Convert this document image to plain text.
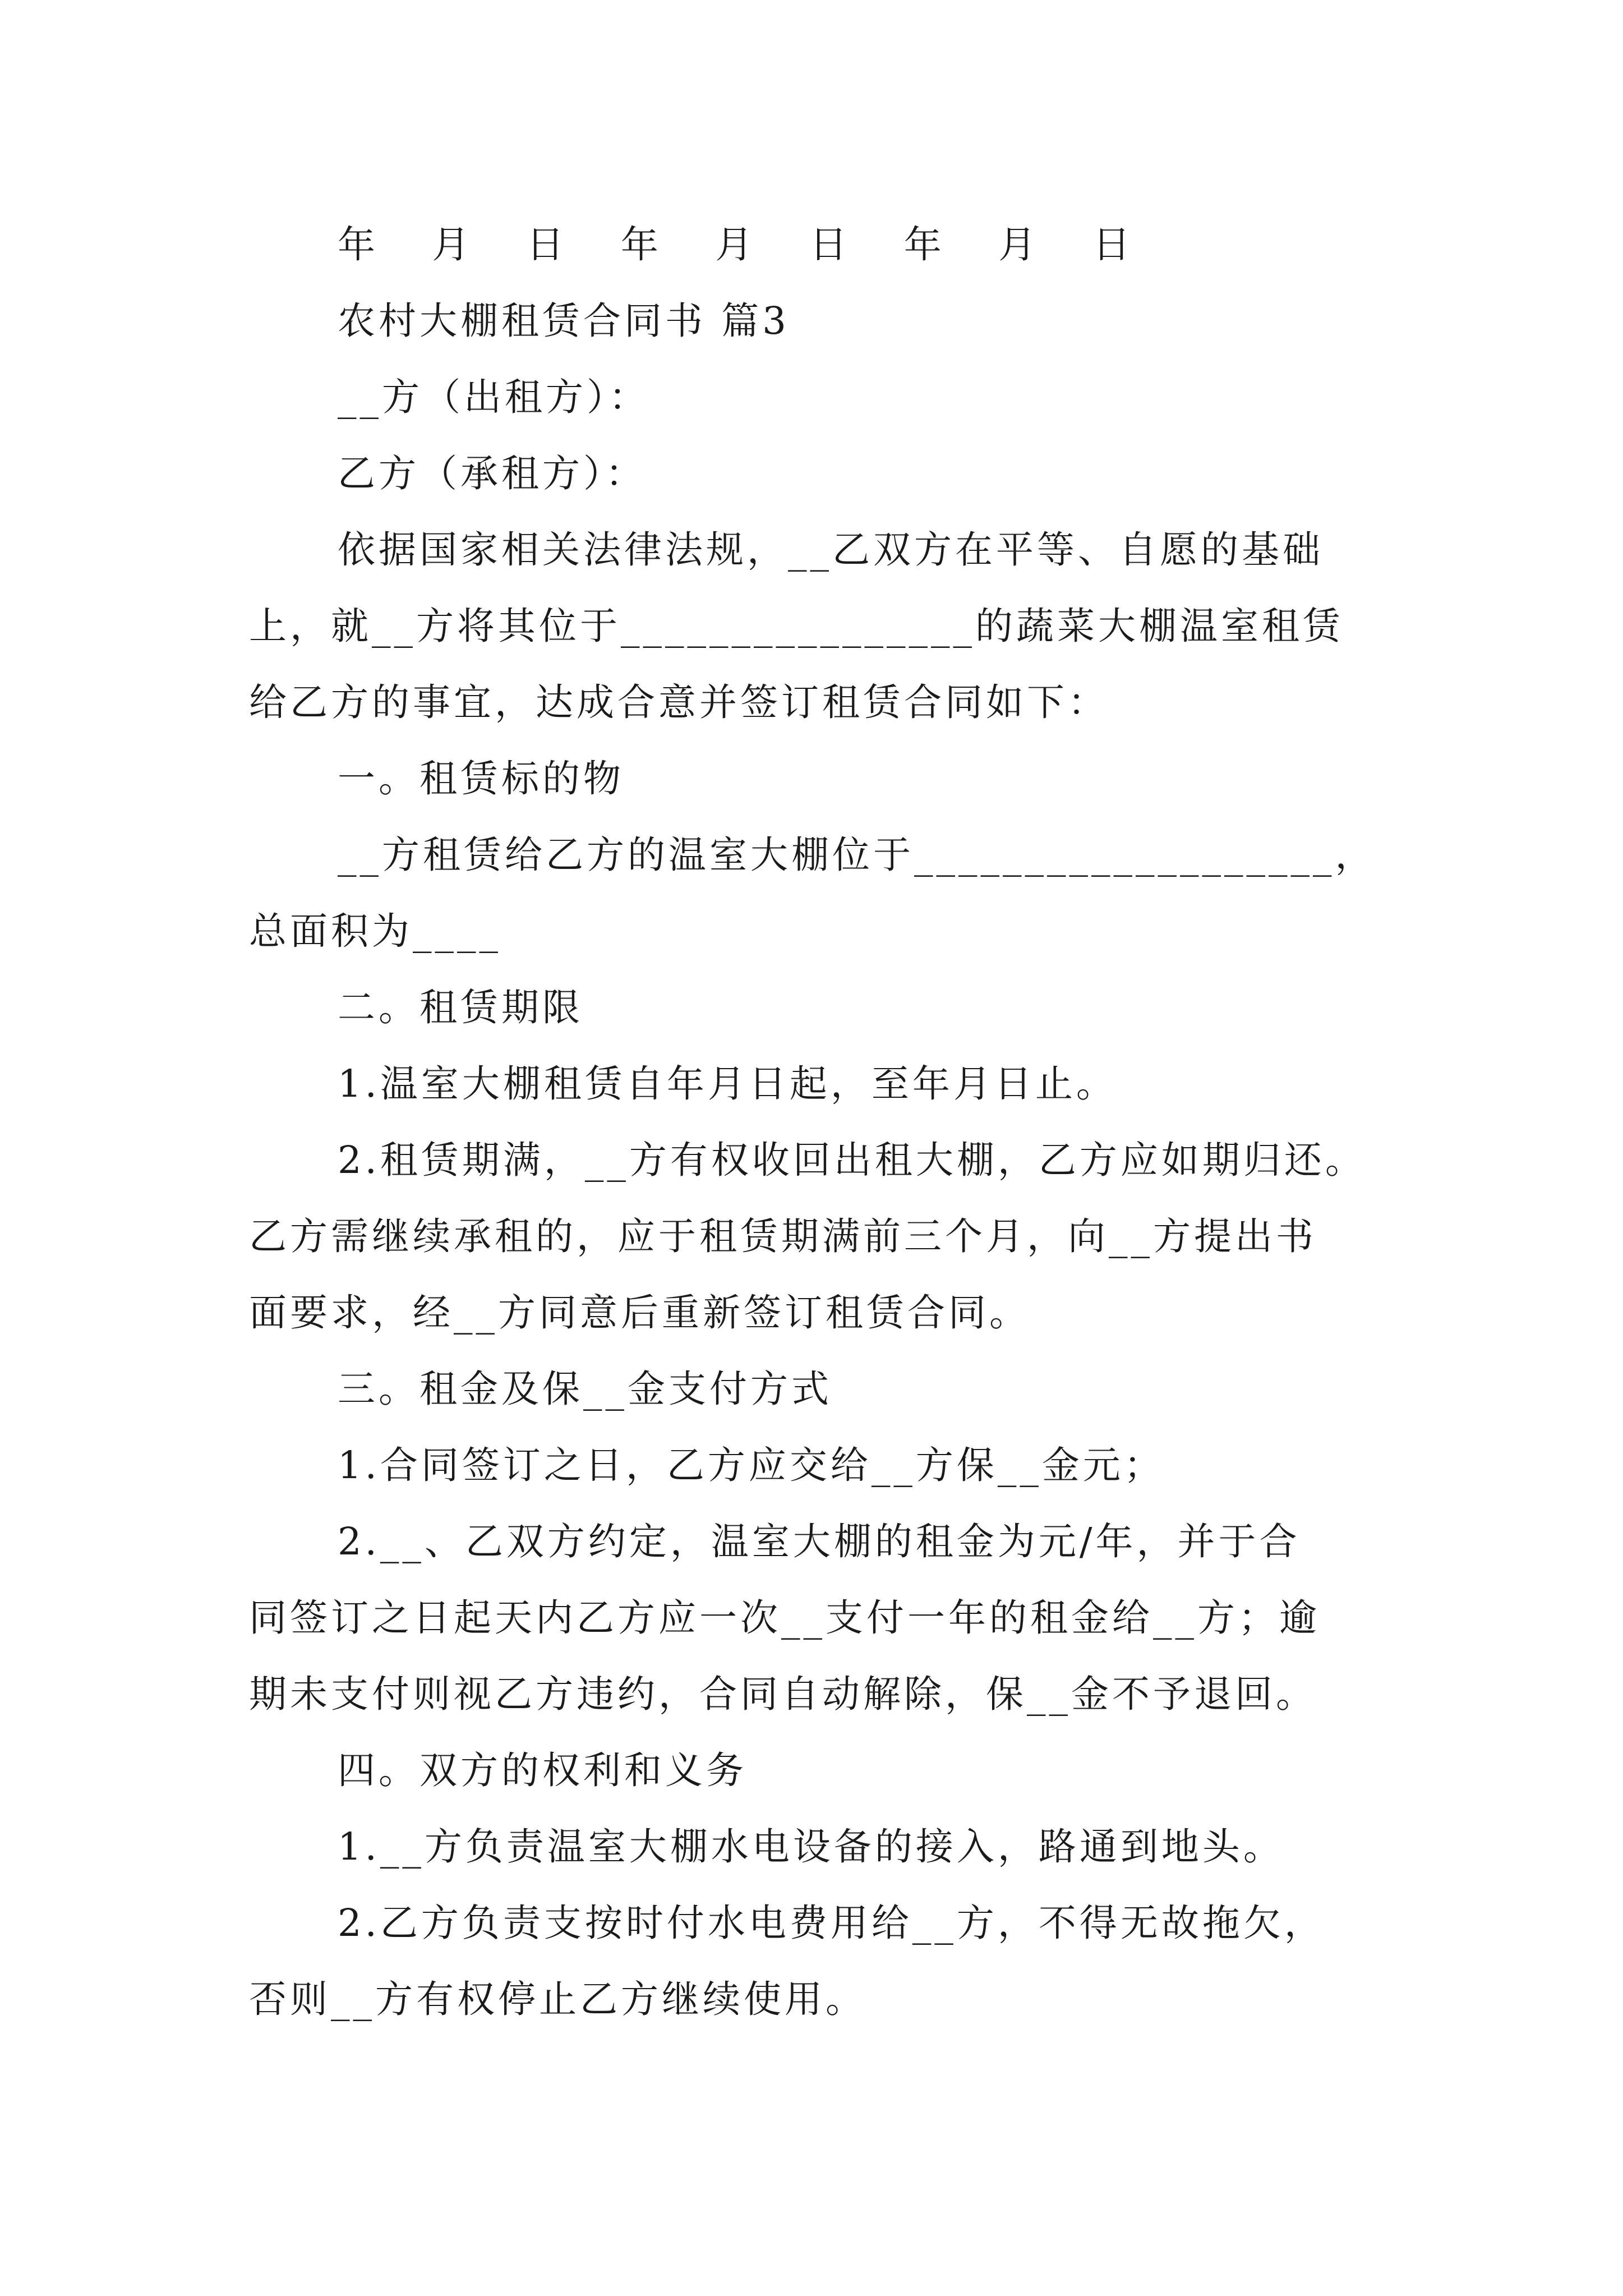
年 月 日 年 月 日 年 月 日
农村大棚租赁合同书 篇3
__方（出租方）：
乙方（承租方）：
依据国家相关法律法规，__乙双方在平等、自愿的基础
上，就__方将其位于________________的蔬菜大棚温室租赁
给乙方的事宜，达成合意并签订租赁合同如下：
一。租赁标的物
__方租赁给乙方的温室大棚位于___________________，
总面积为____
二。租赁期限
1.温室大棚租赁自年月日起，至年月日止。
2.租赁期满，__方有权收回出租大棚，乙方应如期归还。
乙方需继续承租的，应于租赁期满前三个月，向__方提出书
面要求，经__方同意后重新签订租赁合同。
三。租金及保__金支付方式
1.合同签订之日，乙方应交给__方保__金元；
2.__、乙双方约定，温室大棚的租金为元/年，并于合
同签订之日起天内乙方应一次__支付一年的租金给__方；逾
期未支付则视乙方违约，合同自动解除，保__金不予退回。
四。双方的权利和义务
1.__方负责温室大棚水电设备的接入，路通到地头。
2.乙方负责支按时付水电费用给__方，不得无故拖欠，
否则__方有权停止乙方继续使用。
